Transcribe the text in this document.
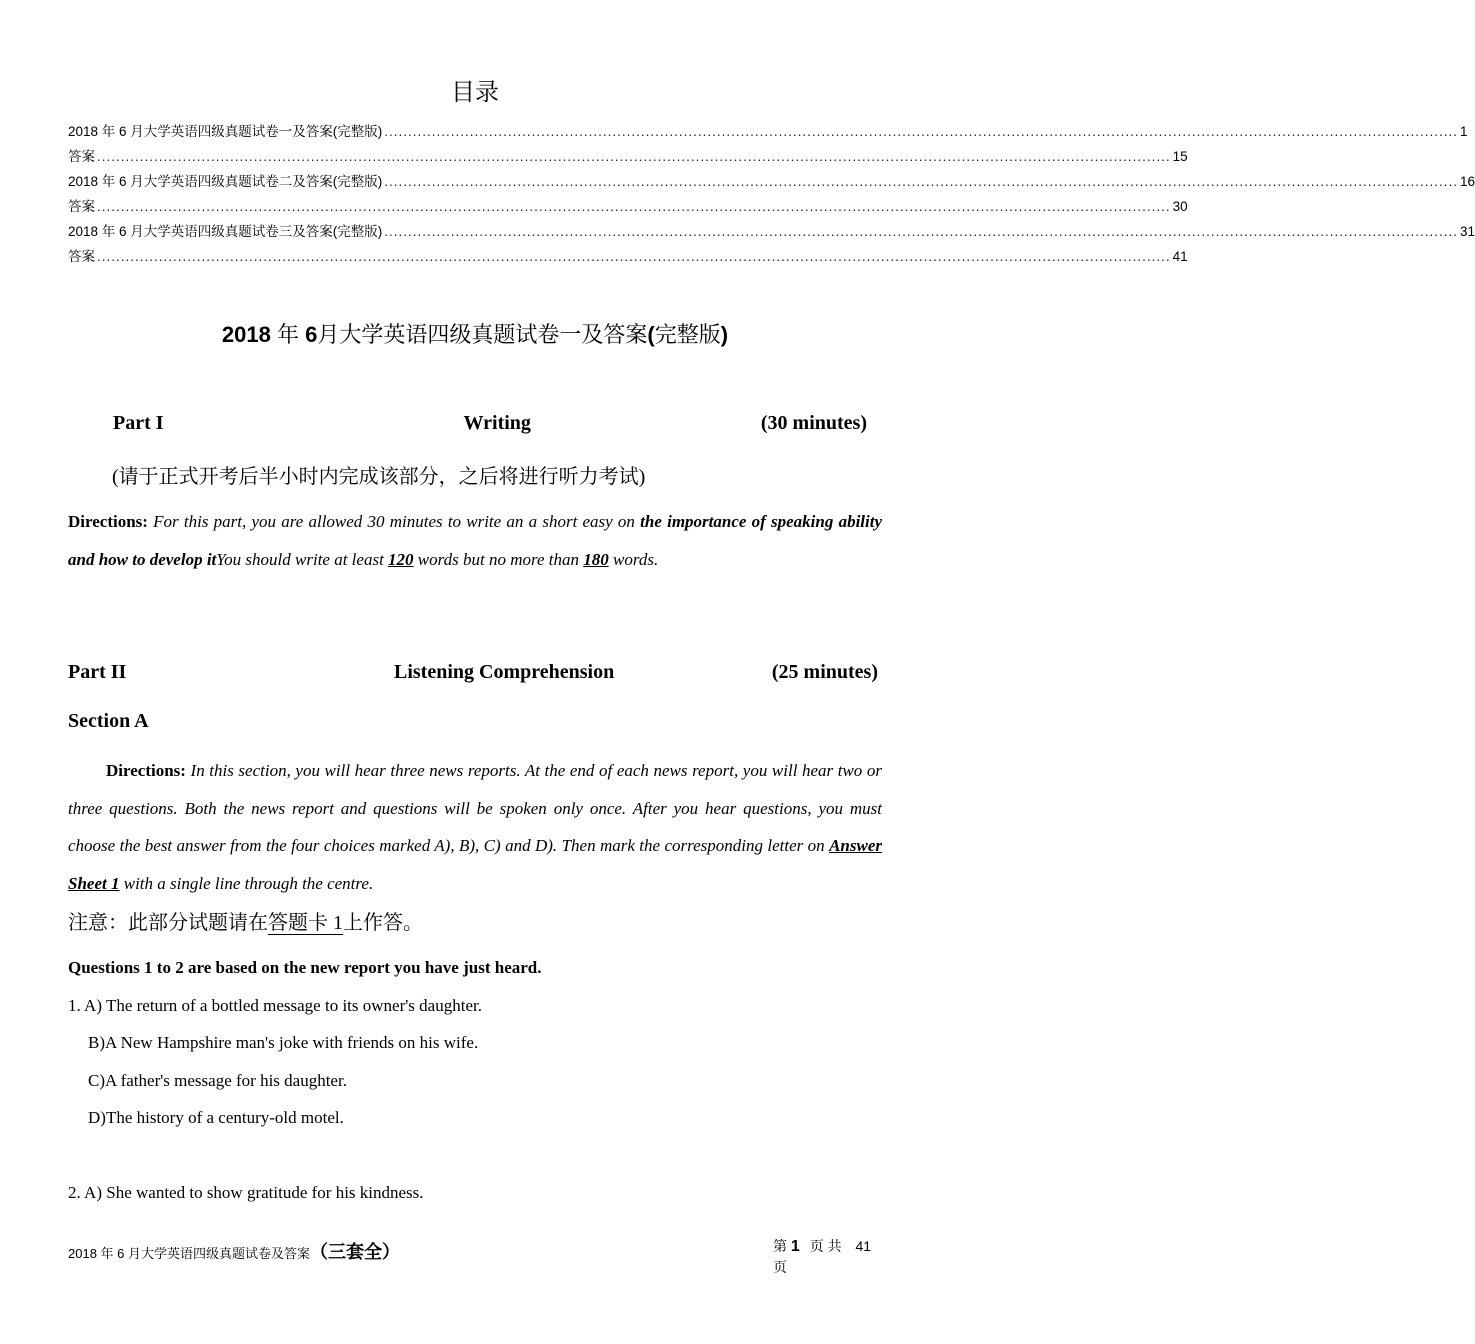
目录
2018 年 6 月大学英语四级真题试卷一及答案(完整版) .................................................................................................................................................................................................................................. 1
答案 .................................................................................................................................................................................................................................. 15
2018 年 6 月大学英语四级真题试卷二及答案(完整版) .................................................................................................................................................................................................................................. 16
答案 .................................................................................................................................................................................................................................. 30
2018 年 6 月大学英语四级真题试卷三及答案(完整版) .................................................................................................................................................................................................................................. 31
答案 .................................................................................................................................................................................................................................. 41
2018 年 6月大学英语四级真题试卷一及答案(完整版)
Part I	Writing	(30 minutes)
(请于正式开考后半小时内完成该部分，之后将进行听力考试)
Directions: For this part, you are allowed 30 minutes to write an a short easy on the importance of speaking ability and how to develop itYou should write at least 120 words but no more than 180 words.
Part II	Listening Comprehension	(25 minutes)
Section A
Directions: In this section, you will hear three news reports. At the end of each news report, you will hear two or three questions. Both the news report and questions will be spoken only once. After you hear questions, you must choose the best answer from the four choices marked A), B), C) and D). Then mark the corresponding letter on Answer Sheet 1 with a single line through the centre.
注意：此部分试题请在答题卡 1上作答。
Questions 1 to 2 are based on the new report you have just heard.
1. A) The return of a bottled message to its owner's daughter.
B)A New Hampshire man's joke with friends on his wife.
C)A father's message for his daughter.
D)The history of a century-old motel.
2. A) She wanted to show gratitude for his kindness.
2018 年 6 月大学英语四级真题试卷及答案（三套全）	第 1 页 共 41
页
